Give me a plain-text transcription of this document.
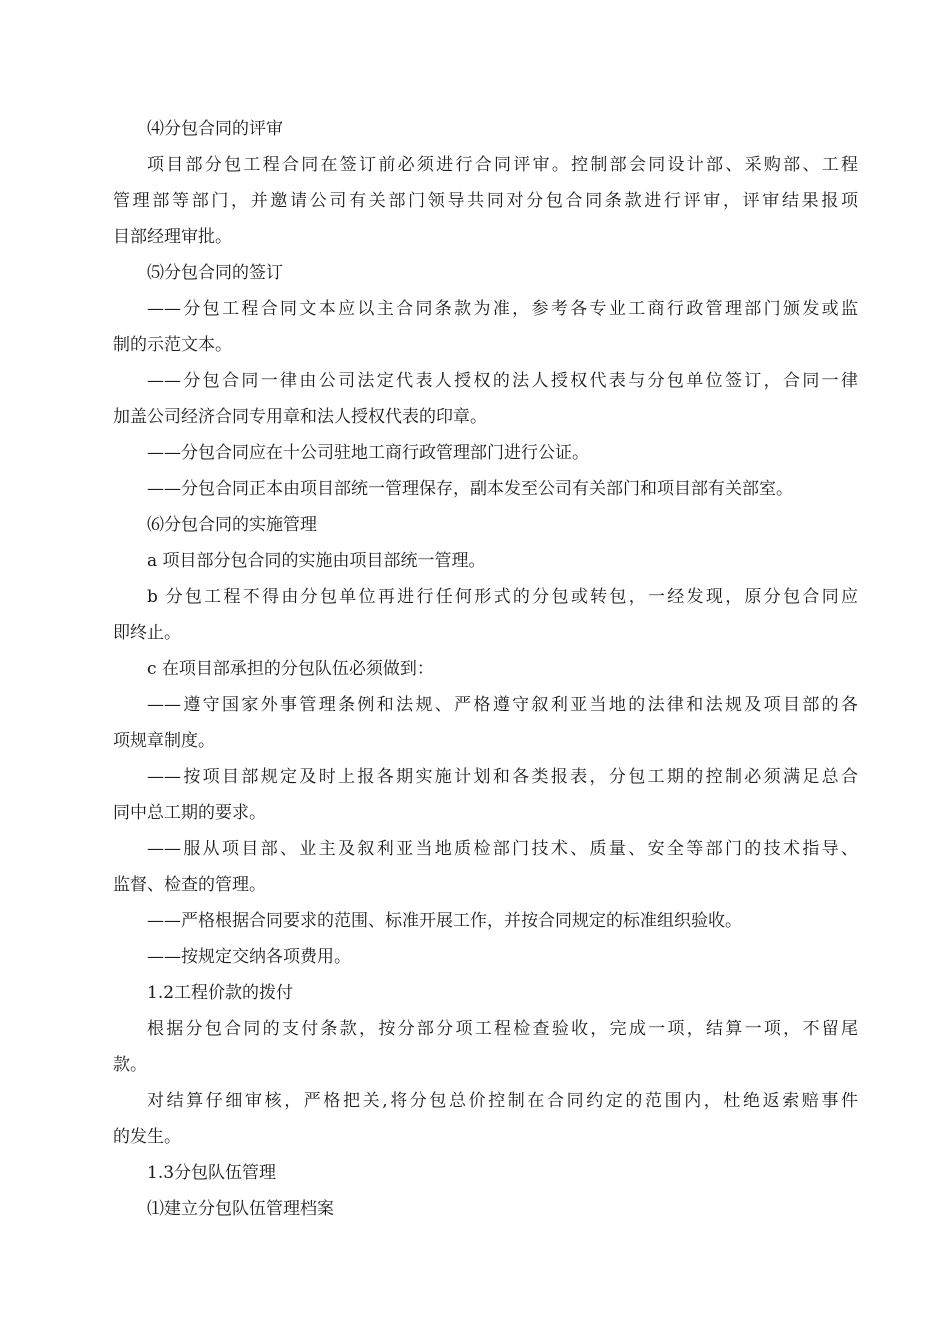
⑷分包合同的评审
项目部分包工程合同在签订前必须进行合同评审。控制部会同设计部、采购部、工程
管理部等部门，并邀请公司有关部门领导共同对分包合同条款进行评审，评审结果报项
目部经理审批。
⑸分包合同的签订
——分包工程合同文本应以主合同条款为准，参考各专业工商行政管理部门颁发或监
制的示范文本。
——分包合同一律由公司法定代表人授权的法人授权代表与分包单位签订，合同一律
加盖公司经济合同专用章和法人授权代表的印章。
——分包合同应在十公司驻地工商行政管理部门进行公证。
——分包合同正本由项目部统一管理保存，副本发至公司有关部门和项目部有关部室。
⑹分包合同的实施管理
a 项目部分包合同的实施由项目部统一管理。
b 分包工程不得由分包单位再进行任何形式的分包或转包，一经发现，原分包合同应
即终止。
c 在项目部承担的分包队伍必须做到：
——遵守国家外事管理条例和法规、严格遵守叙利亚当地的法律和法规及项目部的各
项规章制度。
——按项目部规定及时上报各期实施计划和各类报表，分包工期的控制必须满足总合
同中总工期的要求。
——服从项目部、业主及叙利亚当地质检部门技术、质量、安全等部门的技术指导、
监督、检查的管理。
——严格根据合同要求的范围、标准开展工作，并按合同规定的标准组织验收。
——按规定交纳各项费用。
1.2工程价款的拨付
根据分包合同的支付条款，按分部分项工程检查验收，完成一项，结算一项，不留尾
款。
对结算仔细审核，严格把关,将分包总价控制在合同约定的范围内，杜绝返索赔事件
的发生。
1.3分包队伍管理
⑴建立分包队伍管理档案
